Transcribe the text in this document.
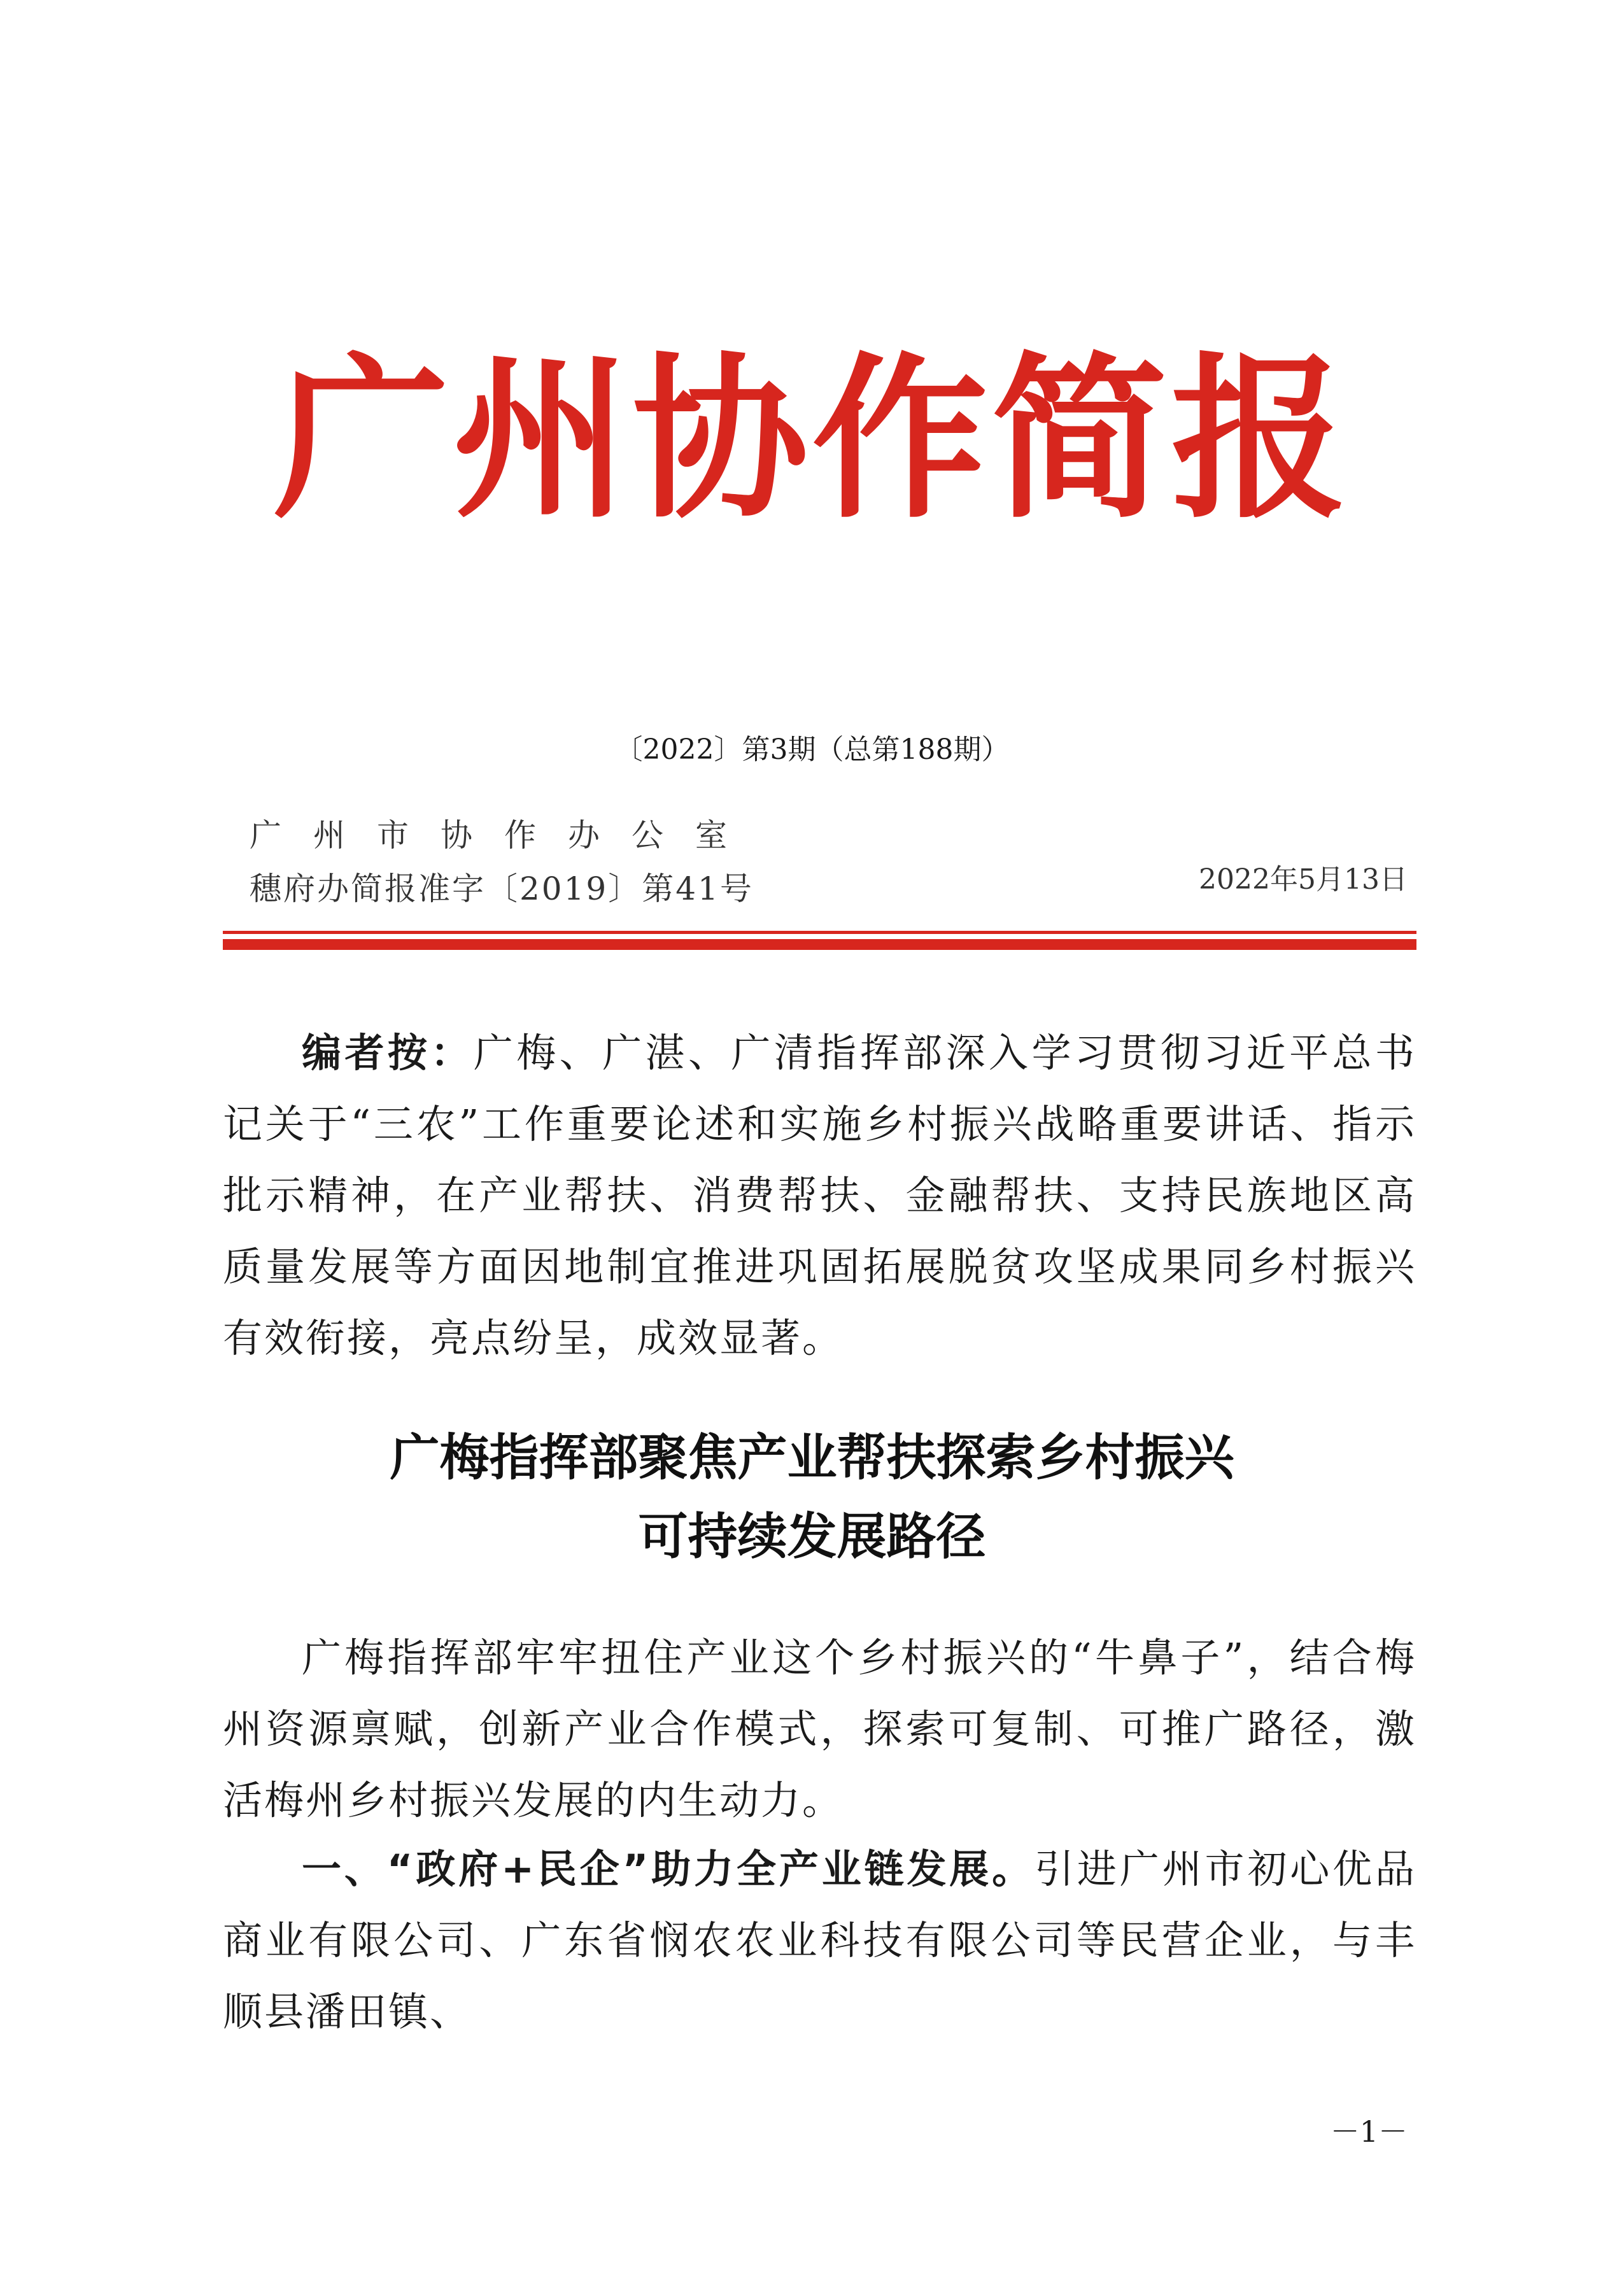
广州协作简报
〔2022〕第3期（总第188期）
广州市协作办公室
穗府办简报准字〔2019〕第41号	2022年5月13日
编者按：广梅、广湛、广清指挥部深入学习贯彻习近平总书记关于“三农”工作重要论述和实施乡村振兴战略重要讲话、指示批示精神，在产业帮扶、消费帮扶、金融帮扶、支持民族地区高质量发展等方面因地制宜推进巩固拓展脱贫攻坚成果同乡村振兴有效衔接，亮点纷呈，成效显著。
广梅指挥部聚焦产业帮扶探索乡村振兴
可持续发展路径
广梅指挥部牢牢扭住产业这个乡村振兴的“牛鼻子”，结合梅州资源禀赋，创新产业合作模式，探索可复制、可推广路径，激活梅州乡村振兴发展的内生动力。
一、“政府+民企”助力全产业链发展。引进广州市初心优品商业有限公司、广东省悯农农业科技有限公司等民营企业，与丰顺县潘田镇、
－1－
